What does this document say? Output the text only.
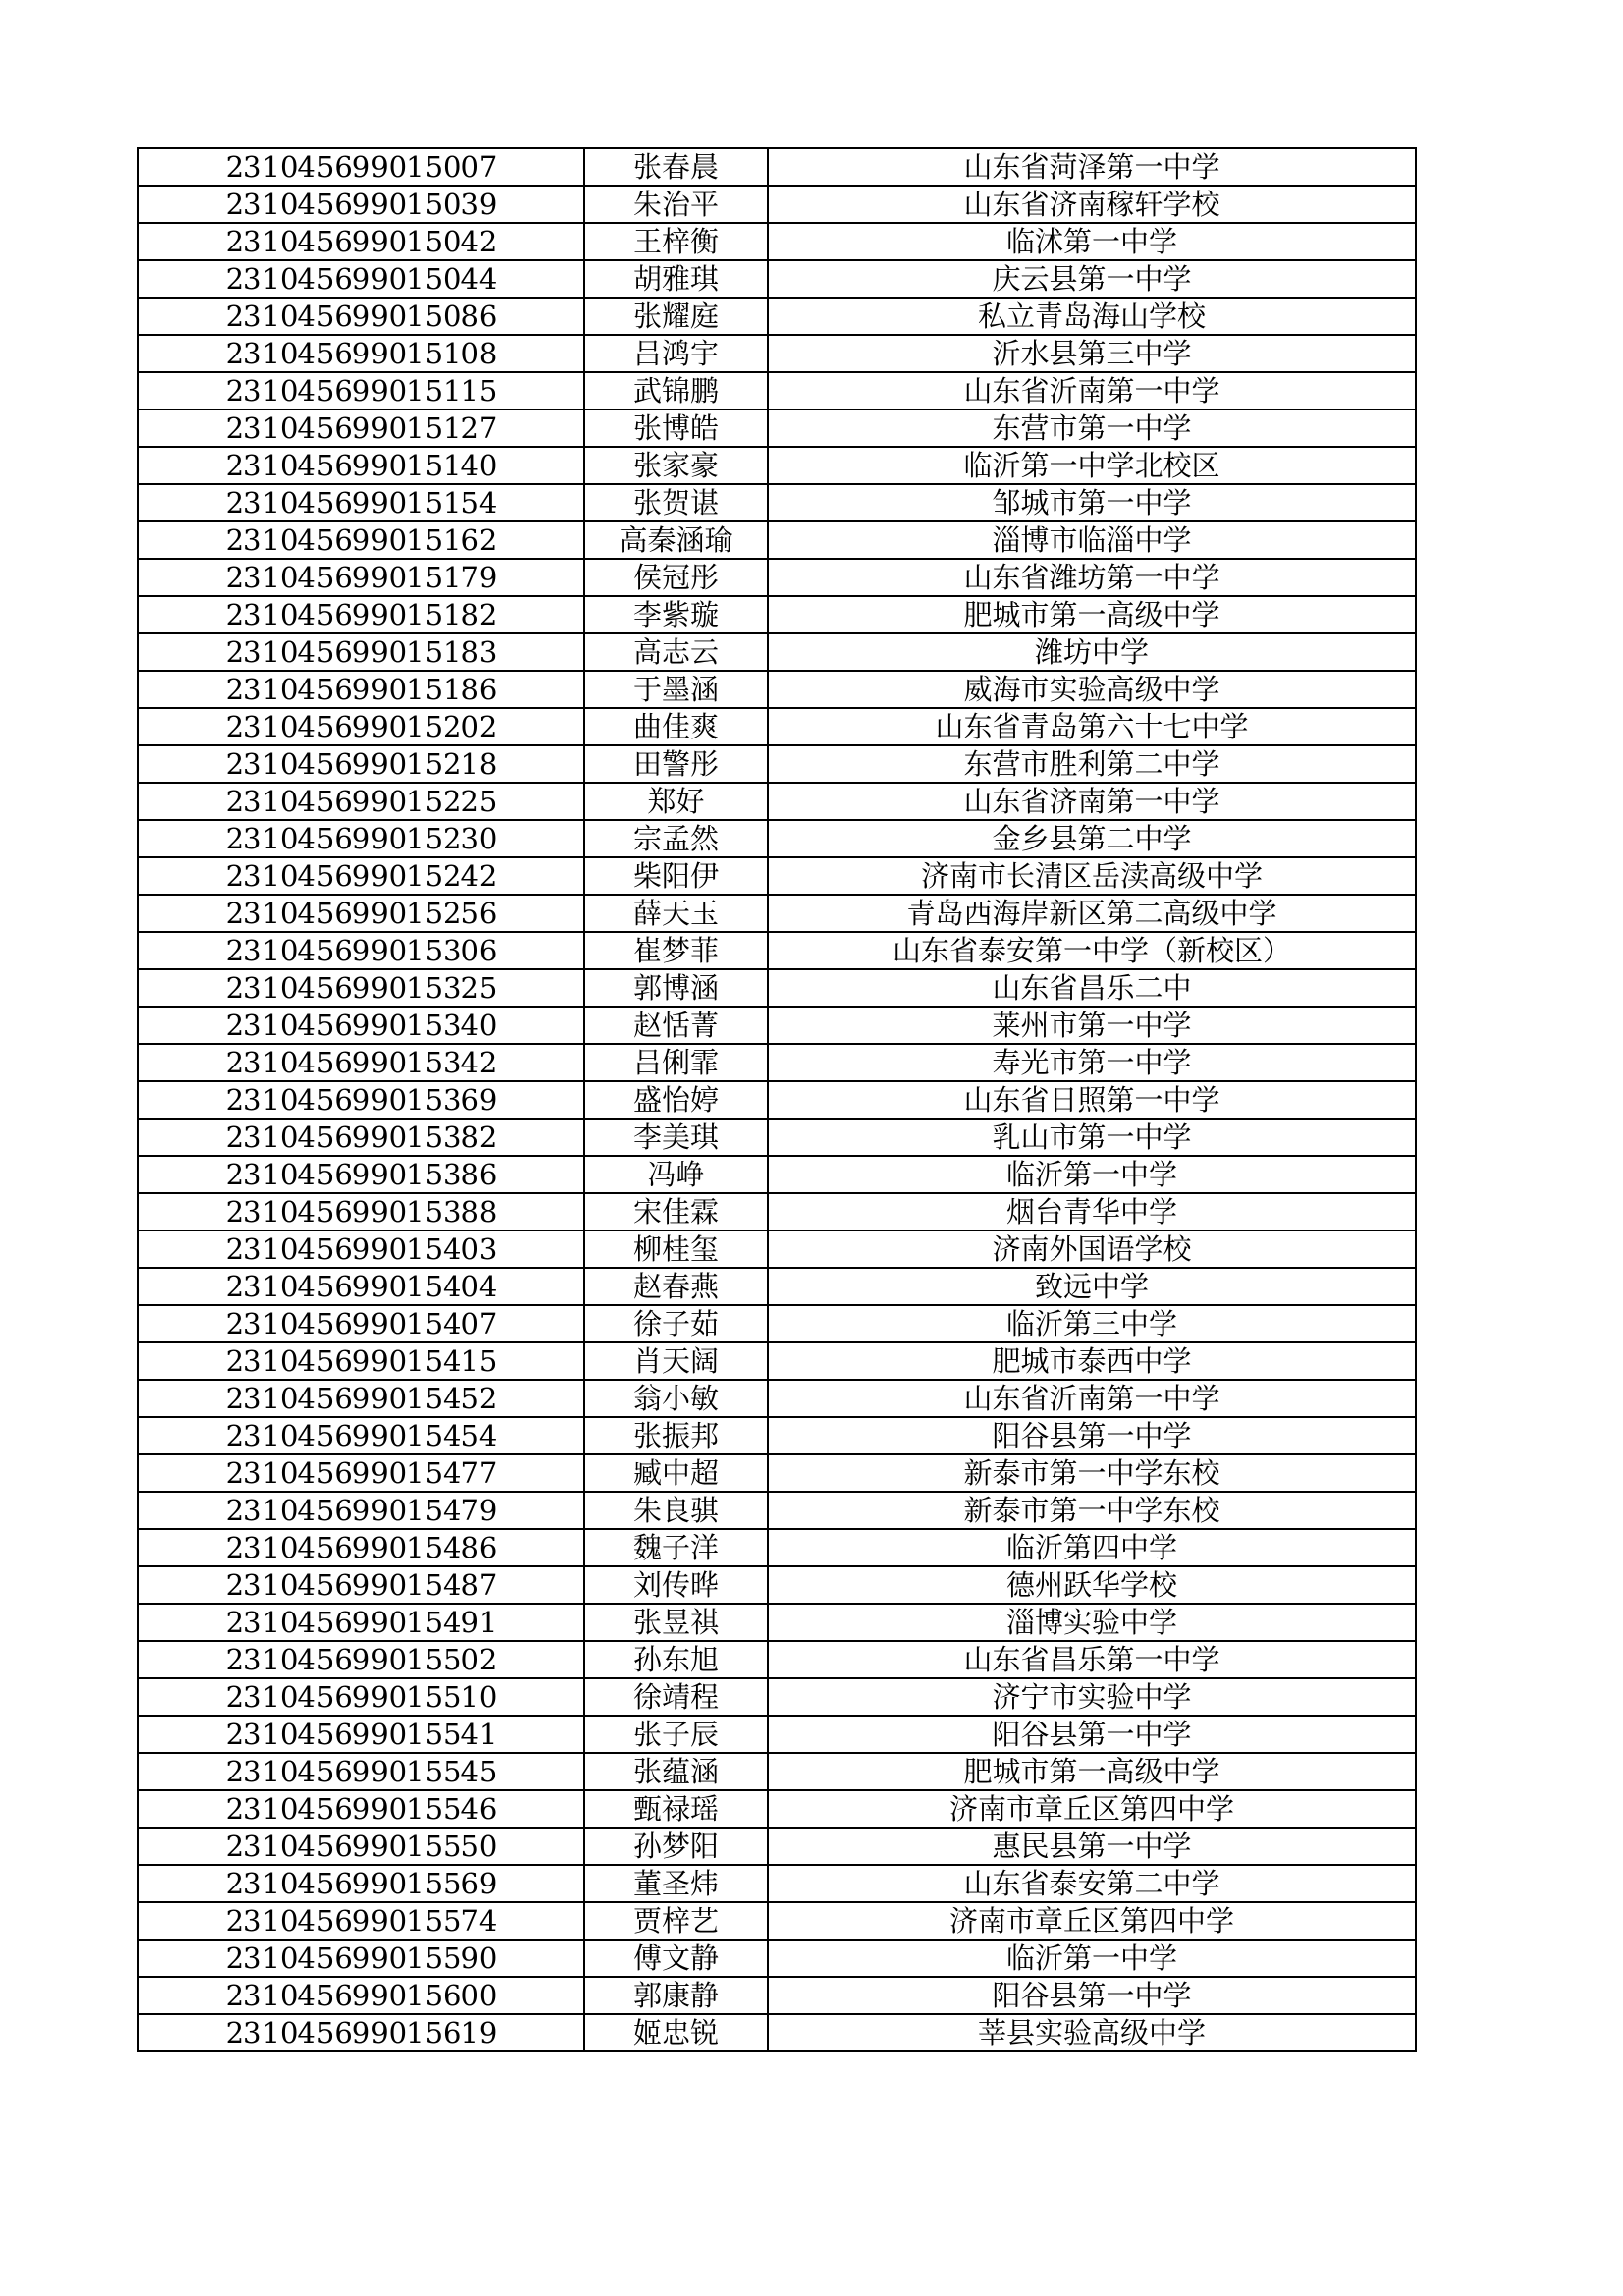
231045699015007	张春晨	山东省菏泽第一中学
231045699015039	朱治平	山东省济南稼轩学校
231045699015042	王梓衡	临沭第一中学
231045699015044	胡雅琪	庆云县第一中学
231045699015086	张耀庭	私立青岛海山学校
231045699015108	吕鸿宇	沂水县第三中学
231045699015115	武锦鹏	山东省沂南第一中学
231045699015127	张博皓	东营市第一中学
231045699015140	张家豪	临沂第一中学北校区
231045699015154	张贺谌	邹城市第一中学
231045699015162	高秦涵瑜	淄博市临淄中学
231045699015179	侯冠彤	山东省潍坊第一中学
231045699015182	李紫璇	肥城市第一高级中学
231045699015183	高志云	潍坊中学
231045699015186	于墨涵	威海市实验高级中学
231045699015202	曲佳爽	山东省青岛第六十七中学
231045699015218	田警彤	东营市胜利第二中学
231045699015225	郑好	山东省济南第一中学
231045699015230	宗孟然	金乡县第二中学
231045699015242	柴阳伊	济南市长清区岳渎高级中学
231045699015256	薛天玉	青岛西海岸新区第二高级中学
231045699015306	崔梦菲	山东省泰安第一中学（新校区）
231045699015325	郭博涵	山东省昌乐二中
231045699015340	赵恬菁	莱州市第一中学
231045699015342	吕俐霏	寿光市第一中学
231045699015369	盛怡婷	山东省日照第一中学
231045699015382	李美琪	乳山市第一中学
231045699015386	冯峥	临沂第一中学
231045699015388	宋佳霖	烟台青华中学
231045699015403	柳桂玺	济南外国语学校
231045699015404	赵春燕	致远中学
231045699015407	徐子茹	临沂第三中学
231045699015415	肖天阔	肥城市泰西中学
231045699015452	翁小敏	山东省沂南第一中学
231045699015454	张振邦	阳谷县第一中学
231045699015477	臧中超	新泰市第一中学东校
231045699015479	朱良骐	新泰市第一中学东校
231045699015486	魏子洋	临沂第四中学
231045699015487	刘传晔	德州跃华学校
231045699015491	张昱祺	淄博实验中学
231045699015502	孙东旭	山东省昌乐第一中学
231045699015510	徐靖程	济宁市实验中学
231045699015541	张子辰	阳谷县第一中学
231045699015545	张蕴涵	肥城市第一高级中学
231045699015546	甄禄瑶	济南市章丘区第四中学
231045699015550	孙梦阳	惠民县第一中学
231045699015569	董圣炜	山东省泰安第二中学
231045699015574	贾梓艺	济南市章丘区第四中学
231045699015590	傅文静	临沂第一中学
231045699015600	郭康静	阳谷县第一中学
231045699015619	姬忠锐	莘县实验高级中学
